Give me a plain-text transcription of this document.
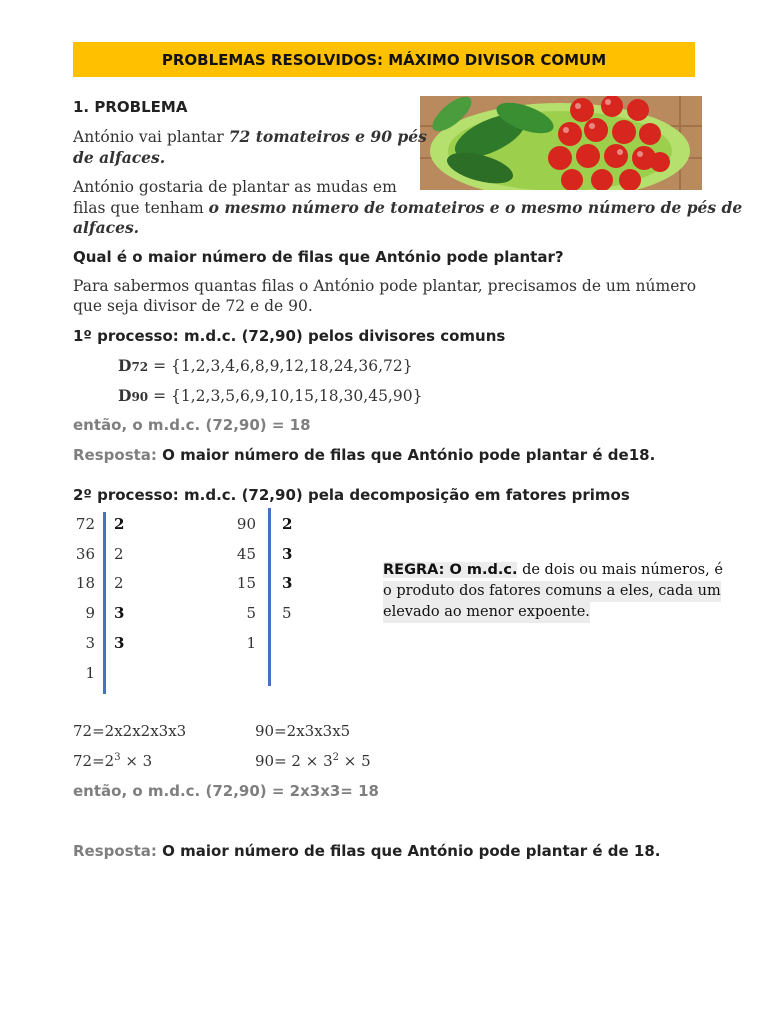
PROBLEMAS RESOLVIDOS: MÁXIMO DIVISOR COMUM
1. PROBLEMA
António vai plantar 72 tomateiros e 90 pés
de alfaces.
António gostaria de plantar as mudas em
filas que tenham o mesmo número de tomateiros e o mesmo número de pés de
alfaces.
Qual é o maior número de filas que António pode plantar?
Para sabermos quantas filas o António pode plantar, precisamos de um número
que seja divisor de 72 e de 90.
1º processo: m.d.c. (72,90) pelos divisores comuns
D72 = {1,2,3,4,6,8,9,12,18,24,36,72}
D90 = {1,2,3,5,6,9,10,15,18,30,45,90}
então, o m.d.c. (72,90) = 18
Resposta: O maior número de filas que António pode plantar é de18.
2º processo: m.d.c. (72,90) pela decomposição em fatores primos
72
36
18
9
3
1
2
2
2
3
3
90
45
15
5
1
2
3
3
5
REGRA: O m.d.c. de dois ou mais números, é
o produto dos fatores comuns a eles, cada um
elevado ao menor expoente.
72=2x2x2x3x3	90=2x3x3x5
$72=2^3 \times 3$	$90= 2 \times 3^2 \times 5$
então, o m.d.c. (72,90) = 2x3x3= 18
Resposta: O maior número de filas que António pode plantar é de 18.
